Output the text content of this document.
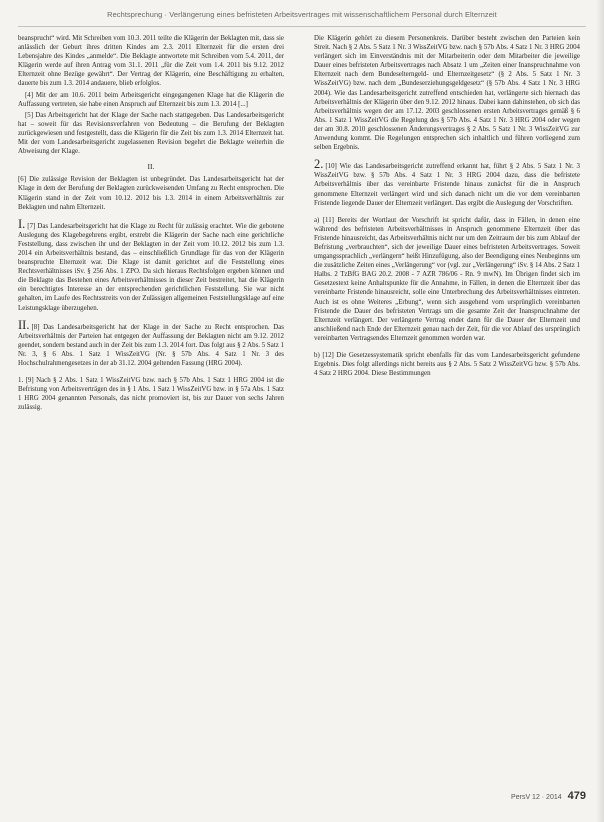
Rechtsprechung · Verlängerung eines befristeten Arbeitsvertrages mit wissenschaftlichem Personal durch Elternzeit

beansprucht“ wird. Mit Schreiben vom 10.3. 2011 teilte die Klägerin der Beklagten mit, dass sie anlässlich der Geburt ihres dritten Kindes am 2.3. 2011 Elternzeit für die ersten drei Lebensjahre des Kindes „anmelde“. Die Beklagte antwortete mit Schreiben vom 5.4. 2011, der Klägerin werde auf ihren Antrag vom 31.1. 2011 „für die Zeit vom 1.4. 2011 bis 9.12. 2012 Elternzeit ohne Bezüge gewährt“. Der Vertrag der Klägerin, eine Beschäftigung zu erhalten, dauerte bis zum 1.3. 2014 andauere, blieb erfolglos.

[4] Mit der am 10.6. 2011 beim Arbeitsgericht eingegangenen Klage hat die Klägerin die Auffassung vertreten, sie habe einen Anspruch auf Elternzeit bis zum 1.3. 2014 [...]

[5] Das Arbeitsgericht hat der Klage der Sache nach stattgegeben. Das Landesarbeitsgericht hat – soweit für das Revisionsverfahren von Bedeutung – die Berufung der Beklagten zurückgewiesen und festgestellt, dass die Klägerin für die Zeit bis zum 1.3. 2014 Elternzeit hat. Mit der vom Landesarbeitsgericht zugelassenen Revision begehrt die Beklagte weiterhin die Abweisung der Klage.

II.

[6] Die zulässige Revision der Beklagten ist unbegründet. Das Landesarbeitsgericht hat der Klage in dem der Berufung der Beklagten zurückweisenden Umfang zu Recht entsprochen. Die Klägerin stand in der Zeit vom 10.12. 2012 bis 1.3. 2014 in einem Arbeitsverhältnis zur Beklagten und nahm Elternzeit.

I. [7] Das Landesarbeitsgericht hat die Klage zu Recht für zulässig erachtet. Wie die gebotene Auslegung des Klagebegehrens ergibt, erstrebt die Klägerin der Sache nach eine gerichtliche Feststellung, dass zwischen ihr und der Beklagten in der Zeit vom 10.12. 2012 bis zum 1.3. 2014 ein Arbeitsverhältnis bestand, das – einschließlich Grundlage für das von der Klägerin beanspruchte Elternzeit war. Die Klage ist damit gerichtet auf die Feststellung eines Rechtsverhältnisses iSv. § 256 Abs. 1 ZPO. Da sich hieraus Rechtsfolgen ergeben können und die Beklagte das Bestehen eines Arbeitsverhältnisses in dieser Zeit bestreitet, hat die Klägerin ein berechtigtes Interesse an der entsprechenden gerichtlichen Feststellung. Sie war nicht gehalten, im Laufe des Rechtsstreits von der Zulässigen allgemeinen Feststellungsklage auf eine Leistungsklage überzugehen.

II. [8] Das Landesarbeitsgericht hat der Klage in der Sache zu Recht entsprochen. Das Arbeitsverhältnis der Parteien hat entgegen der Auffassung der Beklagten nicht am 9.12. 2012 geendet, sondern bestand auch in der Zeit bis zum 1.3. 2014 fort. Das folgt aus § 2 Abs. 5 Satz 1 Nr. 3, § 6 Abs. 1 Satz 1 WissZeitVG (Nr. § 57b Abs. 4 Satz 1 Nr. 3 des Hochschulrahmengesetzes in der ab 31.12. 2004 geltenden Fassung (HRG 2004).

1. [9] Nach § 2 Abs. 1 Satz 1 WissZeitVG bzw. nach § 57b Abs. 1 Satz 1 HRG 2004 ist die Befristung von Arbeitsverträgen des in § 1 Abs. 1 Satz 1 WissZeitVG bzw. in § 57a Abs. 1 Satz 1 HRG 2004 genannten Personals, das nicht promoviert ist, bis zur Dauer von sechs Jahren zulässig.

Die Klägerin gehört zu diesem Personenkreis. Darüber besteht zwischen den Parteien kein Streit. Nach § 2 Abs. 5 Satz 1 Nr. 3 WissZeitVG bzw. nach § 57b Abs. 4 Satz 1 Nr. 3 HRG 2004 verlängert sich im Einverständnis mit der Mitarbeiterin oder dem Mitarbeiter die jeweilige Dauer eines befristeten Arbeitsvertrages nach Absatz 1 um „Zeiten einer Inanspruchnahme von Elternzeit nach dem Bundeselterngeld- und Elternzeitgesetz“ (§ 2 Abs. 5 Satz 1 Nr. 3 WissZeitVG) bzw. nach dem „Bundeserziehungsgeldgesetz“ (§ 57b Abs. 4 Satz 1 Nr. 3 HRG 2004). Wie das Landesarbeitsgericht zutreffend entschieden hat, verlängerte sich hiernach das Arbeitsverhältnis der Klägerin über den 9.12. 2012 hinaus. Dabei kann dahinstehen, ob sich das Arbeitsverhältnis wegen der am 17.12. 2003 geschlossenen ersten Arbeitsvertrages gemäß § 6 Abs. 1 Satz 1 WissZeitVG die Regelung des § 57b Abs. 4 Satz 1 Nr. 3 HRG 2004 oder wegen der am 30.8. 2010 geschlossenen Änderungsvertrages § 2 Abs. 5 Satz 1 Nr. 3 WissZeitVG zur Anwendung kommt. Die Regelungen entsprechen sich inhaltlich und führen vorliegend zum selben Ergebnis.

2. [10] Wie das Landesarbeitsgericht zutreffend erkannt hat, führt § 2 Abs. 5 Satz 1 Nr. 3 WissZeitVG bzw. § 57b Abs. 4 Satz 1 Nr. 3 HRG 2004 dazu, dass die befristete Arbeitsverhältnis über das vereinbarte Fristende hinaus zunächst für die in Anspruch genommene Elternzeit verlängert wird und sich danach nicht um die vor dem vereinbarten Fristende liegende Dauer der Elternzeit verlängert. Das ergibt die Auslegung der Vorschriften.

a) [11] Bereits der Wortlaut der Vorschrift ist spricht dafür, dass in Fällen, in denen eine während des befristeten Arbeitsverhältnisses in Anspruch genommene Elternzeit über das Fristende hinausreicht, das Arbeitsverhältnis nicht nur um den Zeitraum der bis zum Ablauf der Befristung „verbrauchten“, sich der jeweilige Dauer eines befristeten Arbeitsvertrages. Soweit umgangssprachlich „verlängern“ heißt Hinzufügung, also der Beendigung eines Neubeginns um die zusätzliche Zeiten eines „Verlängerung“ vor (vgl. zur „Verlängerung“ iSv. § 14 Abs. 2 Satz 1 Halbs. 2 TzBfG BAG 20.2. 2008 - 7 AZR 786/06 - Rn. 9 mwN). Im Übrigen findet sich im Gesetzestext keine Anhaltspunkte für die Annahme, in Fällen, in denen die Elternzeit über das vereinbarte Fristende hinausreicht, solle eine Unterbrechung des Arbeitsverhältnisses eintreten. Auch ist es ohne Weiteres „Erbung“, wenn sich ausgehend vom ursprünglich vereinbarten Fristende die Dauer des befristeten Vertrags um die gesamte Zeit der Inanspruchnahme der Elternzeit verlängert. Der verlängerte Vertrag endet dann für die Dauer der Elternzeit und anschließend nach Ende der Elternzeit genau nach der Zeit, für die vor Ablauf des ursprünglich vereinbarten Vertragsendes Elternzeit genommen worden war.

b) [12] Die Gesetzessystematik spricht ebenfalls für das vom Landesarbeitsgericht gefundene Ergebnis. Dies folgt allerdings nicht bereits aus § 2 Abs. 5 Satz 2 WissZeitVG bzw. § 57b Abs. 4 Satz 2 HRG 2004. Diese Bestimmungen

PersV 12 · 2014 479
